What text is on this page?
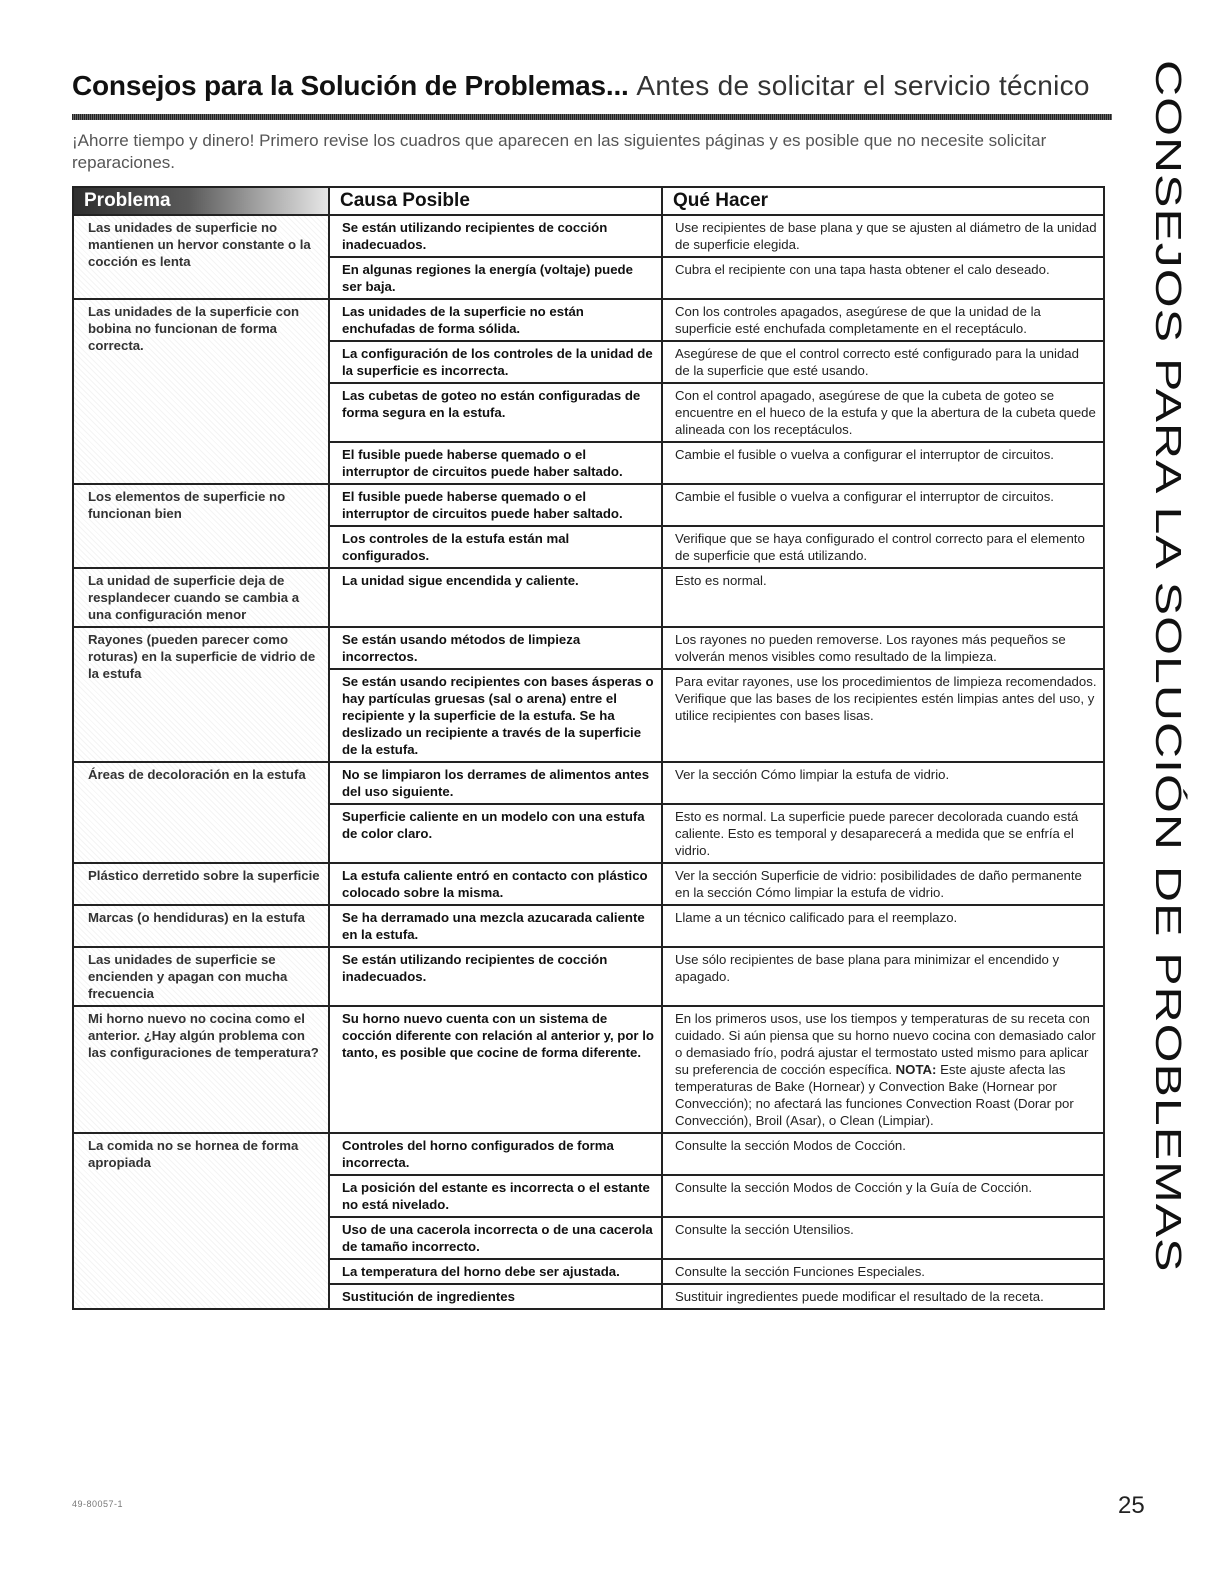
Consejos para la Solución de Problemas... Antes de solicitar el servicio técnico

¡Ahorre tiempo y dinero! Primero revise los cuadros que aparecen en las siguientes páginas y es posible que no necesite solicitar reparaciones.	CONSEJOS PARA LA SOLUCIÓN DE PROBLEMAS
Problema	Causa Posible	Qué Hacer
Las unidades de superficie no mantienen un hervor constante o la cocción es lenta	Se están utilizando recipientes de cocción inadecuados.	Use recipientes de base plana y que se ajusten al diámetro de la unidad de superficie elegida.
	En algunas regiones la energía (voltaje) puede ser baja.	Cubra el recipiente con una tapa hasta obtener el calo deseado.
Las unidades de la superficie con bobina no funcionan de forma correcta.	Las unidades de la superficie no están enchufadas de forma sólida.	Con los controles apagados, asegúrese de que la unidad de la superficie esté enchufada completamente en el receptáculo.
	La configuración de los controles de la unidad de la superficie es incorrecta.	Asegúrese de que el control correcto esté configurado para la unidad de la superficie que esté usando.
	Las cubetas de goteo no están configuradas de forma segura en la estufa.	Con el control apagado, asegúrese de que la cubeta de goteo se encuentre en el hueco de la estufa y que la abertura de la cubeta quede alineada con los receptáculos.
	El fusible puede haberse quemado o el interruptor de circuitos puede haber saltado.	Cambie el fusible o vuelva a configurar el interruptor de circuitos.
Los elementos de superficie no funcionan bien	El fusible puede haberse quemado o el interruptor de circuitos puede haber saltado.	Cambie el fusible o vuelva a configurar el interruptor de circuitos.
	Los controles de la estufa están mal configurados.	Verifique que se haya configurado el control correcto para el elemento de superficie que está utilizando.
La unidad de superficie deja de resplandecer cuando se cambia a una configuración menor	La unidad sigue encendida y caliente.	Esto es normal.
Rayones (pueden parecer como roturas) en la superficie de vidrio de la estufa	Se están usando métodos de limpieza incorrectos.	Los rayones no pueden removerse. Los rayones más pequeños se volverán menos visibles como resultado de la limpieza.
	Se están usando recipientes con bases ásperas o hay partículas gruesas (sal o arena) entre el recipiente y la superficie de la estufa. Se ha deslizado un recipiente a través de la superficie de la estufa.	Para evitar rayones, use los procedimientos de limpieza recomendados. Verifique que las bases de los recipientes estén limpias antes del uso, y utilice recipientes con bases lisas.
Áreas de decoloración en la estufa	No se limpiaron los derrames de alimentos antes del uso siguiente.	Ver la sección Cómo limpiar la estufa de vidrio.
	Superficie caliente en un modelo con una estufa de color claro.	Esto es normal. La superficie puede parecer decolorada cuando está caliente. Esto es temporal y desaparecerá a medida que se enfría el vidrio.
Plástico derretido sobre la superficie	La estufa caliente entró en contacto con plástico colocado sobre la misma.	Ver la sección Superficie de vidrio: posibilidades de daño permanente en la sección Cómo limpiar la estufa de vidrio.
Marcas (o hendiduras) en la estufa	Se ha derramado una mezcla azucarada caliente en la estufa.	Llame a un técnico calificado para el reemplazo.
Las unidades de superficie se encienden y apagan con mucha frecuencia	Se están utilizando recipientes de cocción inadecuados.	Use sólo recipientes de base plana para minimizar el encendido y apagado.
Mi horno nuevo no cocina como el anterior. ¿Hay algún problema con las configuraciones de temperatura?	Su horno nuevo cuenta con un sistema de cocción diferente con relación al anterior y, por lo tanto, es posible que cocine de forma diferente.	En los primeros usos, use los tiempos y temperaturas de su receta con cuidado. Si aún piensa que su horno nuevo cocina con demasiado calor o demasiado frío, podrá ajustar el termostato usted mismo para aplicar su preferencia de cocción específica. NOTA: Este ajuste afecta las temperaturas de Bake (Hornear) y Convection Bake (Hornear por Convección); no afectará las funciones Convection Roast (Dorar por Convección), Broil (Asar), o Clean (Limpiar).
La comida no se hornea de forma apropiada	Controles del horno configurados de forma incorrecta.	Consulte la sección Modos de Cocción.
	La posición del estante es incorrecta o el estante no está nivelado.	Consulte la sección Modos de Cocción y la Guía de Cocción.
	Uso de una cacerola incorrecta o de una cacerola de tamaño incorrecto.	Consulte la sección Utensilios.
	La temperatura del horno debe ser ajustada.	Consulte la sección Funciones Especiales.
	Sustitución de ingredientes	Sustituir ingredientes puede modificar el resultado de la receta.
49-80057-1	25
